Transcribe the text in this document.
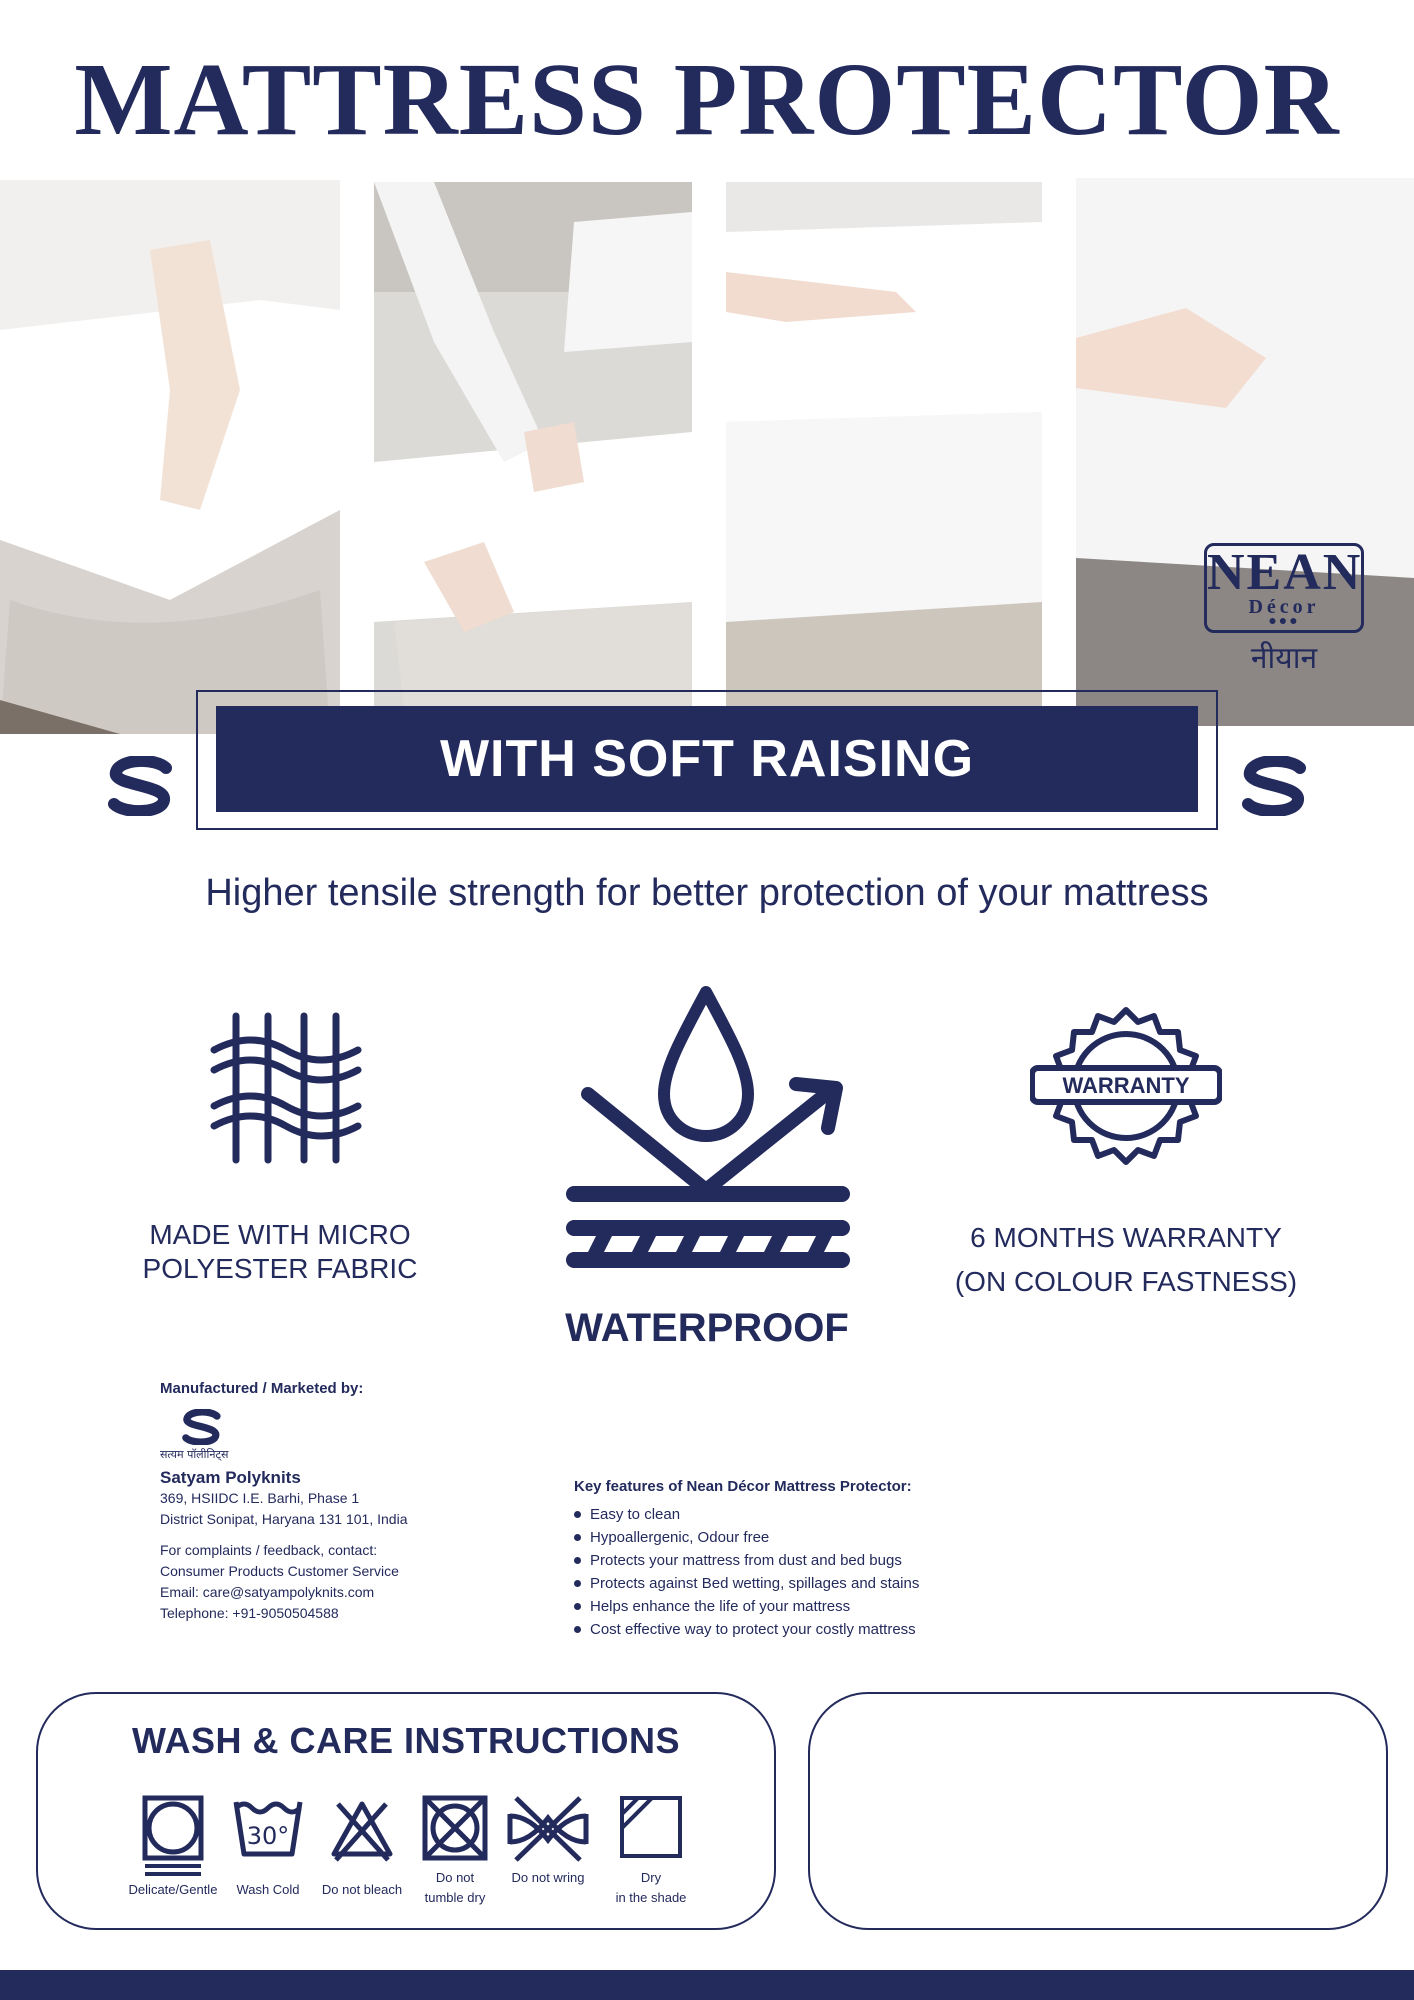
MATTRESS PROTECTOR
NEAN
Décor
●●●
नीयान
WITH SOFT RAISING
Higher tensile strength for better protection of your mattress
MADE WITH MICRO
POLYESTER FABRIC
WATERPROOF
WARRANTY
6 MONTHS WARRANTY
(ON COLOUR FASTNESS)
Manufactured / Marketed by:
सत्यम पॉलीनिट्स
Satyam Polyknits
369, HSIIDC I.E. Barhi, Phase 1
District Sonipat, Haryana 131 101, India
For complaints / feedback, contact:
Consumer Products Customer Service
Email: care@satyampolyknits.com
Telephone: +91-9050504588
Key features of Nean Décor Mattress Protector:
Easy to clean
Hypoallergenic, Odour free
Protects your mattress from dust and bed bugs
Protects against Bed wetting, spillages and stains
Helps enhance the life of your mattress
Cost effective way to protect your costly mattress
WASH & CARE INSTRUCTIONS
Delicate/Gentle
30°
Wash Cold	Do not bleach
Do not
tumble dry
Do not wring	Dry
in the shade
